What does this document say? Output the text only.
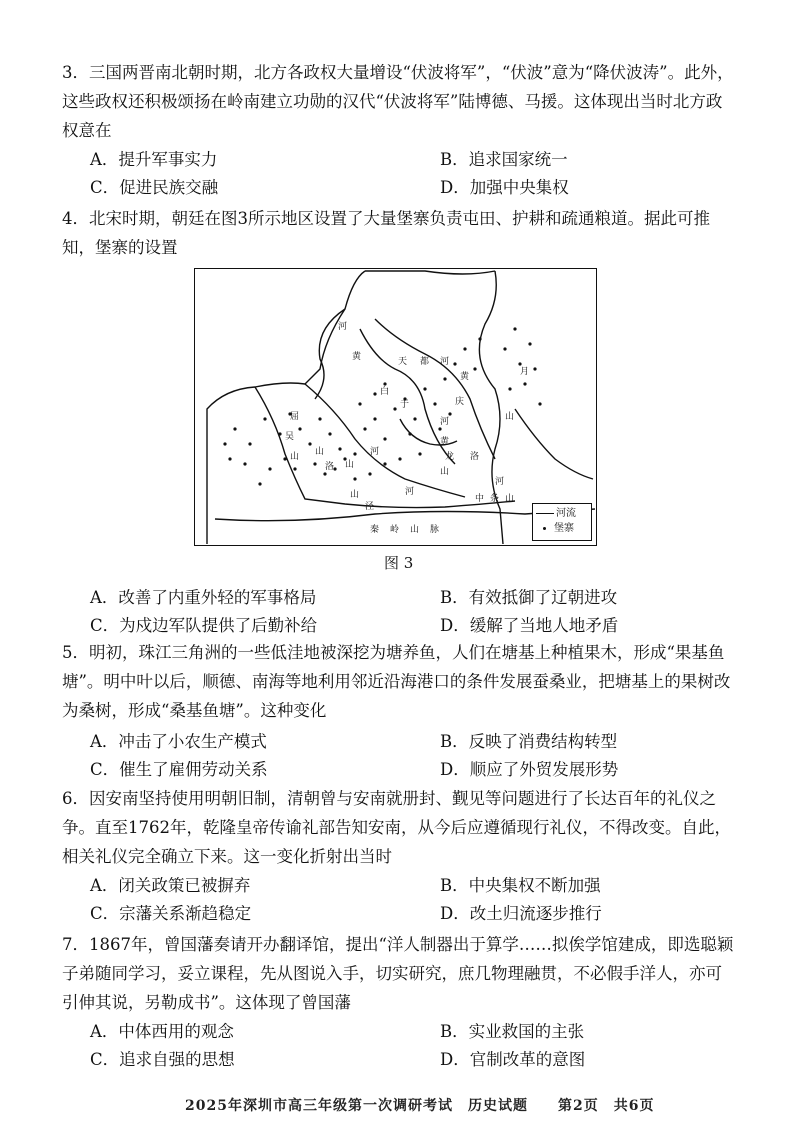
3．三国两晋南北朝时期，北方各政权大量增设“伏波将军”，“伏波”意为“降伏波涛”。此外，这些政权还积极颂扬在岭南建立功勋的汉代“伏波将军”陆博德、马援。这体现出当时北方政权意在

A．提升军事实力	B．追求国家统一
C．促进民族交融	D．加强中央集权

4．北宋时期，朝廷在图3所示地区设置了大量堡寨负责屯田、护耕和疏通粮道。据此可推知，堡寨的设置

河
黄	天 都 河
黄	月
白
于
河
庆
山
屈
吴
山 山
洛 山
河
黄
龙
山
洛
河
泾
山
河
中 条 山
秦 岭 山 脉
河流
堡寨
图 3
A．改善了内重外轻的军事格局	B．有效抵御了辽朝进攻
C．为戍边军队提供了后勤补给	D．缓解了当地人地矛盾

5．明初，珠江三角洲的一些低洼地被深挖为塘养鱼，人们在塘基上种植果木，形成“果基鱼塘”。明中叶以后，顺德、南海等地利用邻近沿海港口的条件发展蚕桑业，把塘基上的果树改为桑树，形成“桑基鱼塘”。这种变化

A．冲击了小农生产模式	B．反映了消费结构转型
C．催生了雇佣劳动关系	D．顺应了外贸发展形势

6．因安南坚持使用明朝旧制，清朝曾与安南就册封、觐见等问题进行了长达百年的礼仪之争。直至1762年，乾隆皇帝传谕礼部告知安南，从今后应遵循现行礼仪，不得改变。自此，相关礼仪完全确立下来。这一变化折射出当时

A．闭关政策已被摒弃	B．中央集权不断加强
C．宗藩关系渐趋稳定	D．改土归流逐步推行

7．1867年，曾国藩奏请开办翻译馆，提出“洋人制器出于算学……拟俟学馆建成，即选聪颖子弟随同学习，妥立课程，先从图说入手，切实研究，庶几物理融贯，不必假手洋人，亦可引伸其说，另勒成书”。这体现了曾国藩

A．中体西用的观念	B．实业救国的主张
C．追求自强的思想	D．官制改革的意图
2025年深圳市高三年级第一次调研考试　历史试题　　第2页　共6页
